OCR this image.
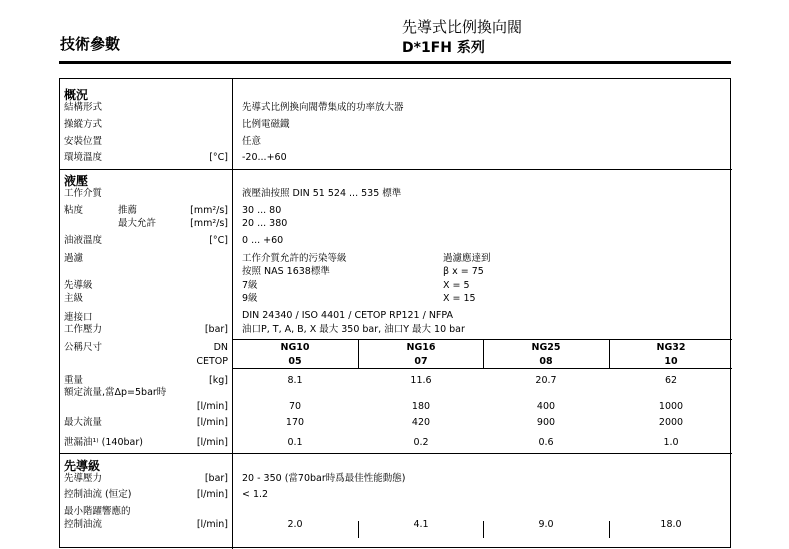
技術參數
先導式比例換向閥
D*1FH 系列
概況
結構形式	先導式比例換向閥帶集成的功率放大器
操縱方式	比例電磁鐵
安裝位置	任意
環境溫度	[°C] -20...+60
液壓
工作介質	液壓油按照 DIN 51 524 ... 535 標準
粘度	推薦	[mm²/s] 30 ... 80
最大允許	[mm²/s] 20 ... 380
油液溫度	[°C] 0 ... +60
過濾	工作介質允許的污染等級	過濾應達到
按照 NAS 1638標準	β x = 75
先導級	7級	X = 5
主級	9級	X = 15
連接口	DIN 24340 / ISO 4401 / CETOP RP121 / NFPA
工作壓力	[bar] 油口P, T, A, B, X 最大 350 bar, 油口Y 最大 10 bar
公稱尺寸	DN
CETOP
NG10	NG16	NG25	NG32
05	07	08	10
重量	[kg]	8.1	11.6	20.7	62
額定流量,當Δp=5bar時
[l/min]	70	180	400	1000
最大流量	[l/min]	170	420	900	2000
泄漏油¹⁾ (140bar)	[l/min]	0.1	0.2	0.6	1.0
先導級
先導壓力	[bar] 20 - 350 (當70bar時爲最佳性能動態)
控制油流 (恒定)	[l/min] < 1.2
最小階躍響應的
控制油流	[l/min]	2.0	4.1	9.0	18.0
